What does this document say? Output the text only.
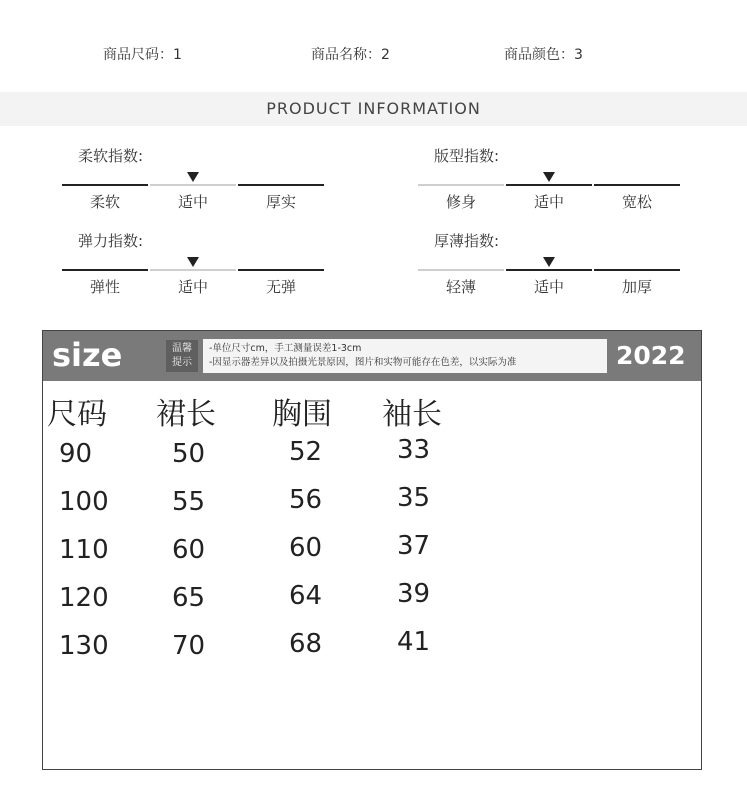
商品尺码：1	商品名称：2	商品颜色：3
PRODUCT INFORMATION
柔软指数:
柔软	适中	厚实
版型指数:
修身	适中	宽松
弹力指数:
弹性	适中	无弹
厚薄指数:
轻薄	适中	加厚
size	温馨
提示
-单位尺寸cm，手工测量误差1-3cm
-因显示器差异以及拍摄光景原因，图片和实物可能存在色差，以实际为准	2022
尺码 裙长 胸围 袖长
90	50	52	33
100 55	56	35
110 60	60	37
120 65	64	39
130 70	68	41
